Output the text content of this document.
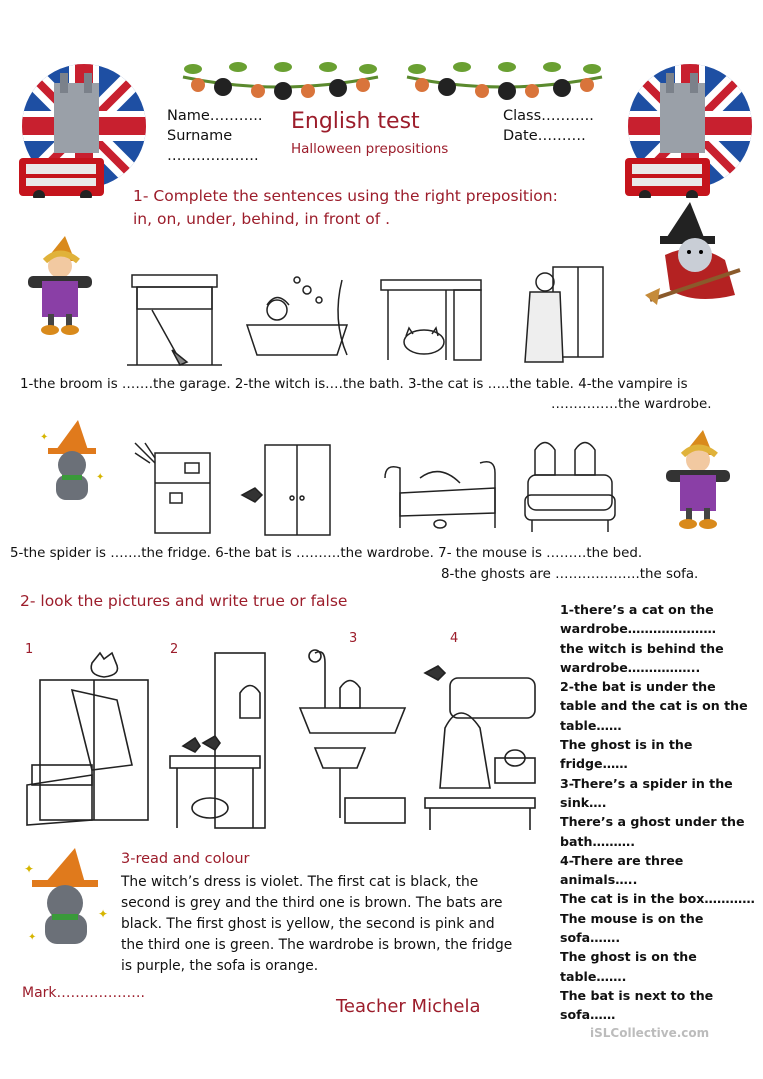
Name………..
Surname
……………….
English test
Halloween prepositions
Class………..
Date……….
1- Complete the sentences using the right preposition:
in, on, under, behind, in front of .
1-the broom is …….the garage. 2-the witch is….the bath. 3-the cat is …..the table. 4-the vampire is
……………the wardrobe.
✦
✦
5-the spider is …….the fridge. 6-the bat is ……….the wardrobe. 7- the mouse is ………the bed.
8-the ghosts are ……………….the sofa.
2- look the pictures and write true or false
1	2
3	4
1-there’s a cat on the
wardrobe…………………
the witch is behind the
wardrobe……………..
2-the bat is under the
table and the cat is on the
table……
The ghost is in the
fridge……
3-There’s a spider in the
sink….
There’s a ghost under the
bath……….
4-There are three
animals…..
The cat is in the box…………
The mouse is on the
sofa…….
The ghost is on the
table…….
The bat is next to the
sofa……
✦
✦
✦
3-read and colour
The witch’s dress is violet. The first cat is black, the
second is grey and the third one is brown. The bats are
black. The first ghost is yellow, the second is pink and
the third one is green. The wardrobe is brown, the fridge
is purple, the sofa is orange.
Mark……………….
Teacher Michela
iSLCollective.com
